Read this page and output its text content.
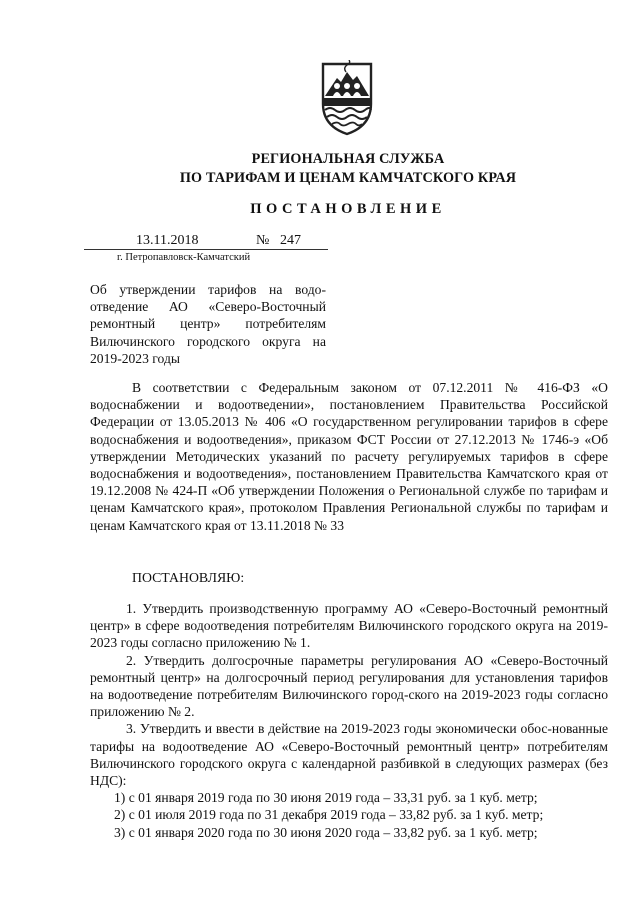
РЕГИОНАЛЬНАЯ СЛУЖБА
ПО ТАРИФАМ И ЦЕНАМ КАМЧАТСКОГО КРАЯ
ПОСТАНОВЛЕНИЕ
13.11.2018	№ 247
г. Петропавловск-Камчатский
Об утверждении тарифов на водо-отведение АО «Северо-Восточный ремонтный центр» потребителям Вилючинского городского округа на 2019-2023 годы
В соответствии с Федеральным законом от 07.12.2011 № 416-ФЗ «О водоснабжении и водоотведении», постановлением Правительства Российской Федерации от 13.05.2013 № 406 «О государственном регулировании тарифов в сфере водоснабжения и водоотведения», приказом ФСТ России от 27.12.2013 № 1746-э «Об утверждении Методических указаний по расчету регулируемых тарифов в сфере водоснабжения и водоотведения», постановлением Правительства Камчатского края от 19.12.2008 № 424-П «Об утверждении Положения о Региональной службе по тарифам и ценам Камчатского края», протоколом Правления Региональной службы по тарифам и ценам Камчатского края от 13.11.2018 № 33
ПОСТАНОВЛЯЮ:

1. Утвердить производственную программу АО «Северо-Восточный ремонтный центр» в сфере водоотведения потребителям Вилючинского городского округа на 2019-2023 годы согласно приложению № 1.

2. Утвердить долгосрочные параметры регулирования АО «Северо-Восточный ремонтный центр» на долгосрочный период регулирования для установления тарифов на водоотведение потребителям Вилючинского город-ского на 2019-2023 годы согласно приложению № 2.

3. Утвердить и ввести в действие на 2019-2023 годы экономически обос-нованные тарифы на водоотведение АО «Северо-Восточный ремонтный центр» потребителям Вилючинского городского округа с календарной разбивкой в следующих размерах (без НДС):

1) с 01 января 2019 года по 30 июня 2019 года – 33,31 руб. за 1 куб. метр;

2) с 01 июля 2019 года по 31 декабря 2019 года – 33,82 руб. за 1 куб. метр;

3) с 01 января 2020 года по 30 июня 2020 года – 33,82 руб. за 1 куб. метр;
